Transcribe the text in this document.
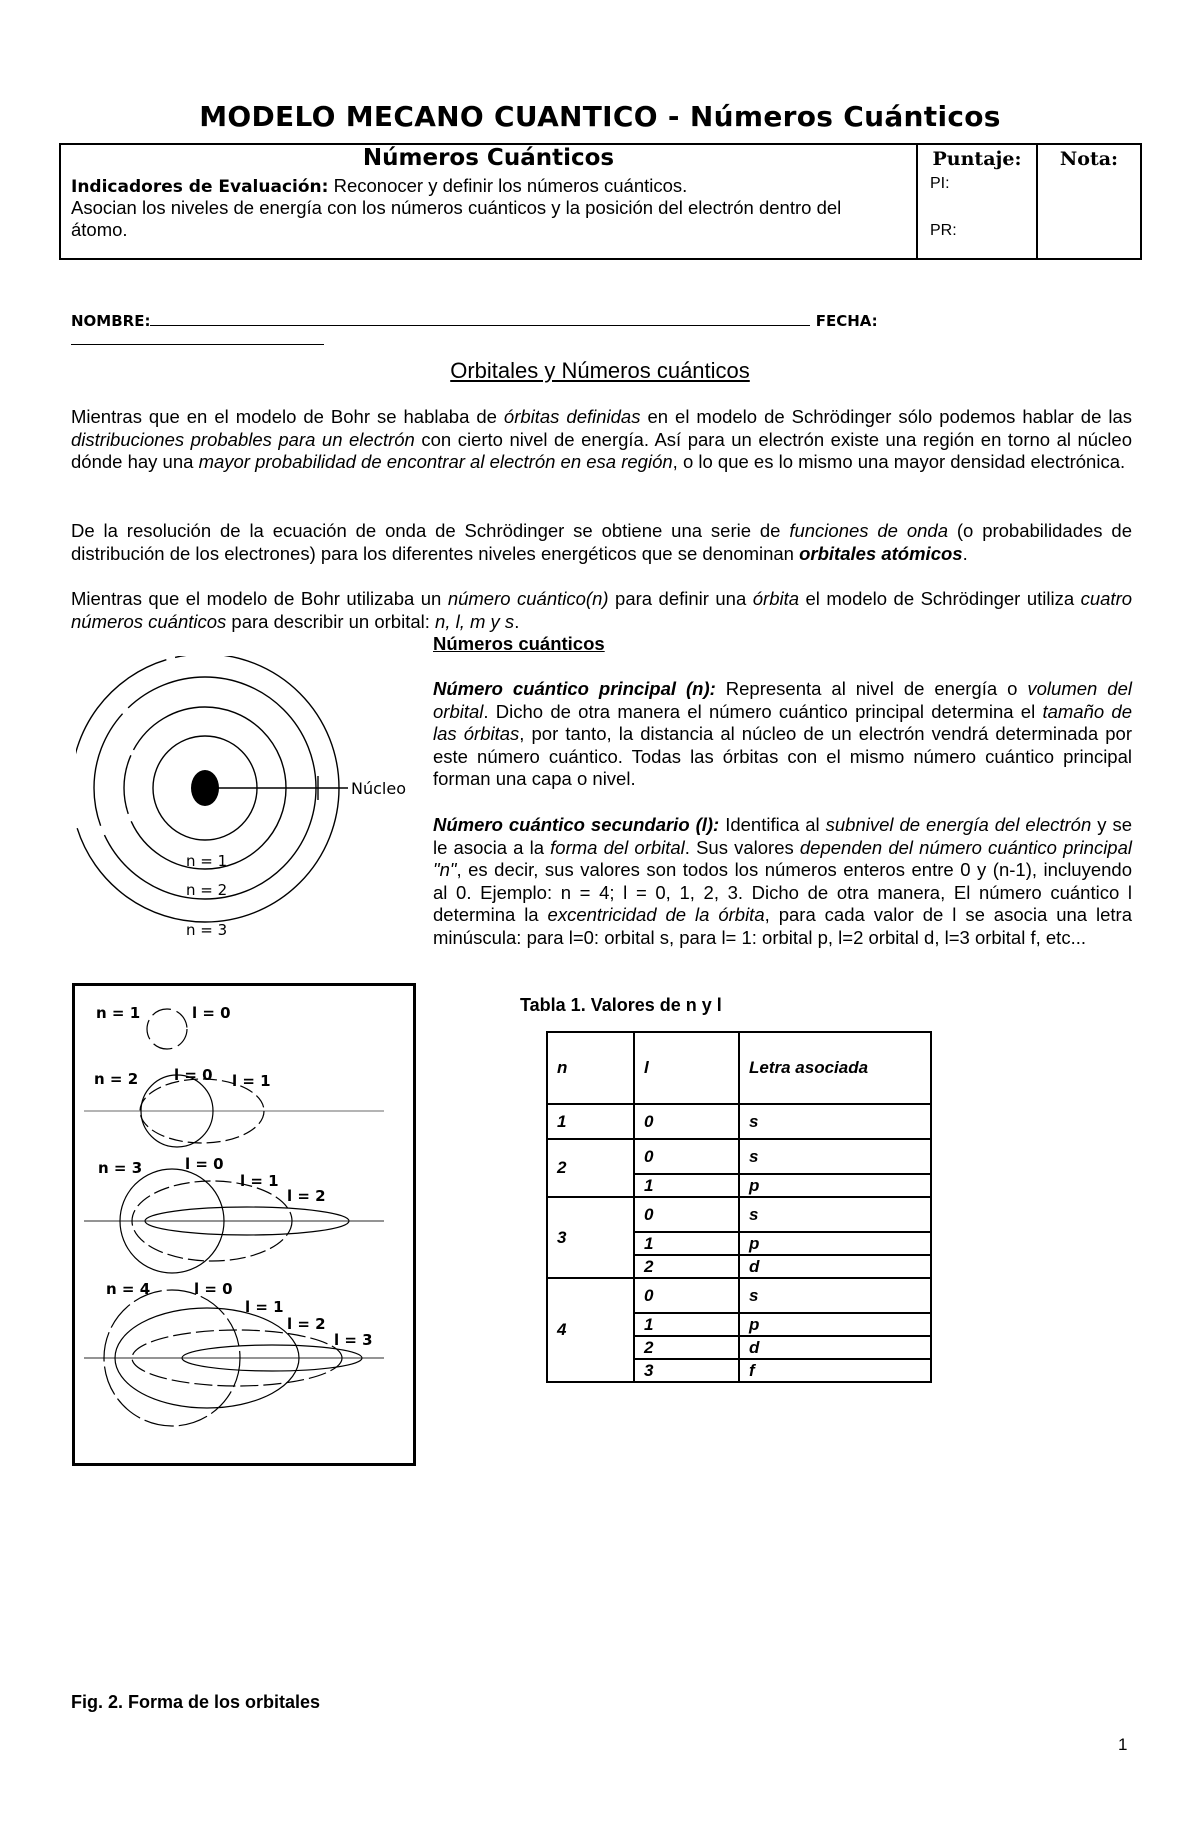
MODELO MECANO CUANTICO - Números Cuánticos
Números Cuánticos
Indicadores de Evaluación: Reconocer y definir los números cuánticos.
Asocian los niveles de energía con los números cuánticos y la posición del electrón dentro del
átomo.
Puntaje:
PI:
PR:
Nota:
NOMBRE:	FECHA:
Orbitales y Números cuánticos
Mientras que en el modelo de Bohr se hablaba de órbitas definidas en el modelo de Schrödinger sólo podemos hablar de las distribuciones probables para un electrón con cierto nivel de energía. Así para un electrón existe una región en torno al núcleo dónde hay una mayor probabilidad de encontrar al electrón en esa región, o lo que es lo mismo una mayor densidad electrónica.
De la resolución de la ecuación de onda de Schrödinger se obtiene una serie de funciones de onda (o probabilidades de distribución de los electrones) para los diferentes niveles energéticos que se denominan orbitales atómicos.
Mientras que el modelo de Bohr utilizaba un número cuántico(n) para definir una órbita el modelo de Schrödinger utiliza cuatro números cuánticos para describir un orbital: n, l, m y s.
Números cuánticos
Número cuántico principal (n): Representa al nivel de energía o volumen del orbital. Dicho de otra manera el número cuántico principal determina el tamaño de las órbitas, por tanto, la distancia al núcleo de un electrón vendrá determinada por este número cuántico. Todas las órbitas con el mismo número cuántico principal forman una capa o nivel.
Número cuántico secundario (l): Identifica al subnivel de energía del electrón y se le asocia a la forma del orbital. Sus valores dependen del número cuántico principal "n", es decir, sus valores son todos los números enteros entre 0 y (n-1), incluyendo al 0. Ejemplo: n = 4; l = 0, 1, 2, 3. Dicho de otra manera, El número cuántico l determina la excentricidad de la órbita, para cada valor de l se asocia una letra minúscula: para l=0: orbital s, para l= 1: orbital p, l=2 orbital d, l=3 orbital f, etc...
Núcleo
n = 1
n = 2
n = 3
n = 1	l = 0
n = 2 l = 0 l = 1
n = 3	l = 0
l = 1
l = 2
n = 4	l = 0
l = 1
l = 2
l = 3
Tabla 1. Valores de n y l
n	l	Letra asociada
1	0	s
2	0	s
	1	p
3	0	s
	1	p
	2	d
4	0	s
	1	p
	2	d
	3	f
Fig. 2. Forma de los orbitales
1
